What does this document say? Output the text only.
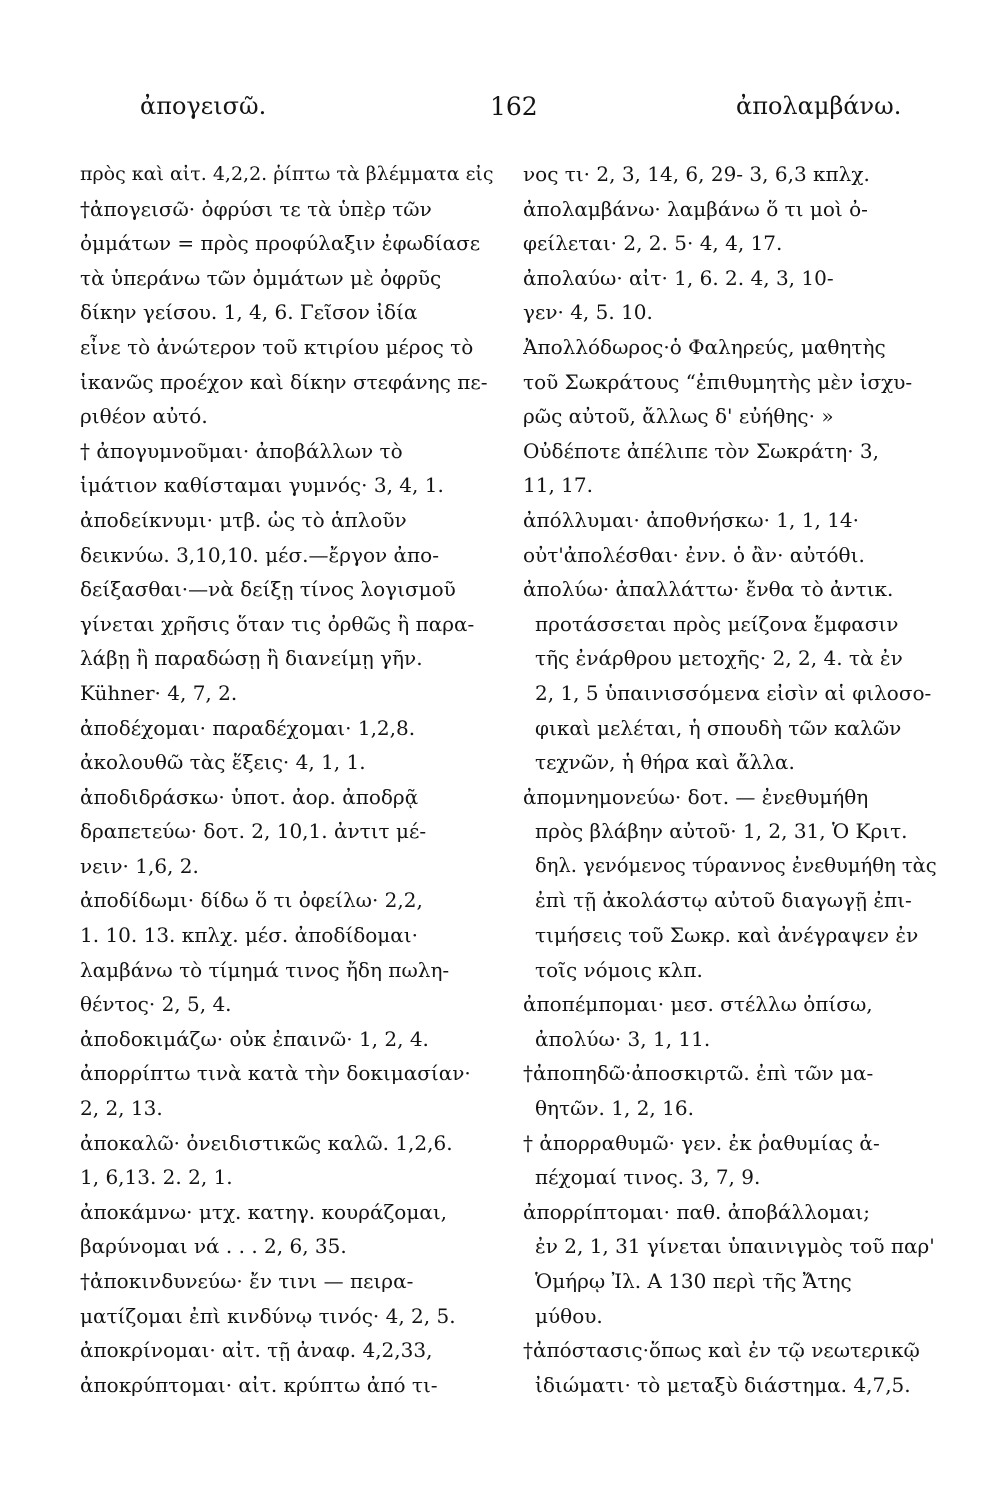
ἀπογεισῶ.	162	ἀπολαμβάνω.
πρὸς καὶ αἰτ. 4,2,2. ῥίπτω τὰ βλέμματα εἰς
†ἀπογεισῶ· ὀφρύσι τε τὰ ὑπὲρ τῶν
ὀμμάτων = πρὸς προφύλαξιν ἐφωδίασε
τὰ ὑπεράνω τῶν ὀμμάτων μὲ ὀφρῦς
δίκην γείσου. 1, 4, 6. Γεῖσον ἰδία
εἶνε τὸ ἀνώτερον τοῦ κτιρίου μέρος τὸ
ἱκανῶς προέχον καὶ δίκην στεφάνης πε-
ριθέον αὐτό.
† ἀπογυμνοῦμαι· ἀποβάλλων τὸ
ἱμάτιον καθίσταμαι γυμνός· 3, 4, 1.
ἀποδείκνυμι· μτβ. ὡς τὸ ἁπλοῦν
δεικνύω. 3,10,10. μέσ.—ἔργον ἀπο-
δείξασθαι·—νὰ δείξῃ τίνος λογισμοῦ
γίνεται χρῆσις ὅταν τις ὀρθῶς ἢ παρα-
λάβῃ ἢ παραδώσῃ ἢ διανείμῃ γῆν.
Kühner· 4, 7, 2.
ἀποδέχομαι· παραδέχομαι· 1,2,8.
ἀκολουθῶ τὰς ἕξεις· 4, 1, 1.
ἀποδιδράσκω· ὑποτ. ἀορ. ἀποδρᾷ
δραπετεύω· δοτ. 2, 10,1. ἀντιτ μέ-
νειν· 1,6, 2.
ἀποδίδωμι· δίδω ὅ τι ὀφείλω· 2,2,
1. 10. 13. κπλχ. μέσ. ἀποδίδομαι·
λαμβάνω τὸ τίμημά τινος ἤδη πωλη-
θέντος· 2, 5, 4.
ἀποδοκιμάζω· οὐκ ἐπαινῶ· 1, 2, 4.
ἀπορρίπτω τινὰ κατὰ τὴν δοκιμασίαν·
2, 2, 13.
ἀποκαλῶ· ὀνειδιστικῶς καλῶ. 1,2,6.
1, 6,13. 2. 2, 1.
ἀποκάμνω· μτχ. κατηγ. κουράζομαι,
βαρύνομαι νά . . . 2, 6, 35.
†ἀποκινδυνεύω· ἔν τινι — πειρα-
ματίζομαι ἐπὶ κινδύνῳ τινός· 4, 2, 5.
ἀποκρίνομαι· αἰτ. τῇ ἀναφ. 4,2,33,
ἀποκρύπτομαι· αἰτ. κρύπτω ἀπό τι-
νος τι· 2, 3, 14, 6, 29- 3, 6,3 κπλχ.
ἀπολαμβάνω· λαμβάνω ὅ τι μοὶ ὀ-
φείλεται· 2, 2. 5· 4, 4, 17.
ἀπολαύω· αἰτ· 1, 6. 2. 4, 3, 10-
γεν· 4, 5. 10.
Ἀπολλόδωρος·ὁ Φαληρεύς, μαθητὴς
τοῦ Σωκράτους “ἐπιθυμητὴς μὲν ἰσχυ-
ρῶς αὐτοῦ, ἄλλως δ' εὐήθης· »
Οὐδέποτε ἀπέλιπε τὸν Σωκράτη· 3,
11, 17.
ἀπόλλυμαι· ἀποθνήσκω· 1, 1, 14·
οὐτ'ἀπολέσθαι· ἐνν. ὁ ἂν· αὐτόθι.
ἀπολύω· ἀπαλλάττω· ἔνθα τὸ ἀντικ.
προτάσσεται πρὸς μείζονα ἔμφασιν
τῆς ἐνάρθρου μετοχῆς· 2, 2, 4. τὰ ἐν
2, 1, 5 ὑπαινισσόμενα εἰσὶν αἱ φιλοσο-
φικαὶ μελέται, ἡ σπουδὴ τῶν καλῶν
τεχνῶν, ἡ θήρα καὶ ἄλλα.
ἀπομνημονεύω· δοτ. — ἐνεθυμήθη
πρὸς βλάβην αὐτοῦ· 1, 2, 31, Ὁ Κριτ.
δηλ. γενόμενος τύραννος ἐνεθυμήθη τὰς
ἐπὶ τῇ ἀκολάστῳ αὐτοῦ διαγωγῇ ἐπι-
τιμήσεις τοῦ Σωκρ. καὶ ἀνέγραψεν ἐν
τοῖς νόμοις κλπ.
ἀποπέμπομαι· μεσ. στέλλω ὀπίσω,
ἀπολύω· 3, 1, 11.
†ἀποπηδῶ·ἀποσκιρτῶ. ἐπὶ τῶν μα-
θητῶν. 1, 2, 16.
† ἀπορραθυμῶ· γεν. ἐκ ῥαθυμίας ἀ-
πέχομαί τινος. 3, 7, 9.
ἀπορρίπτομαι· παθ. ἀποβάλλομαι;
ἐν 2, 1, 31 γίνεται ὑπαινιγμὸς τοῦ παρ'
Ὁμήρῳ Ἰλ. Α 130 περὶ τῆς Ἄτης
μύθου.
†ἀπόστασις·ὅπως καὶ ἐν τῷ νεωτερικῷ
ἰδιώματι· τὸ μεταξὺ διάστημα. 4,7,5.
